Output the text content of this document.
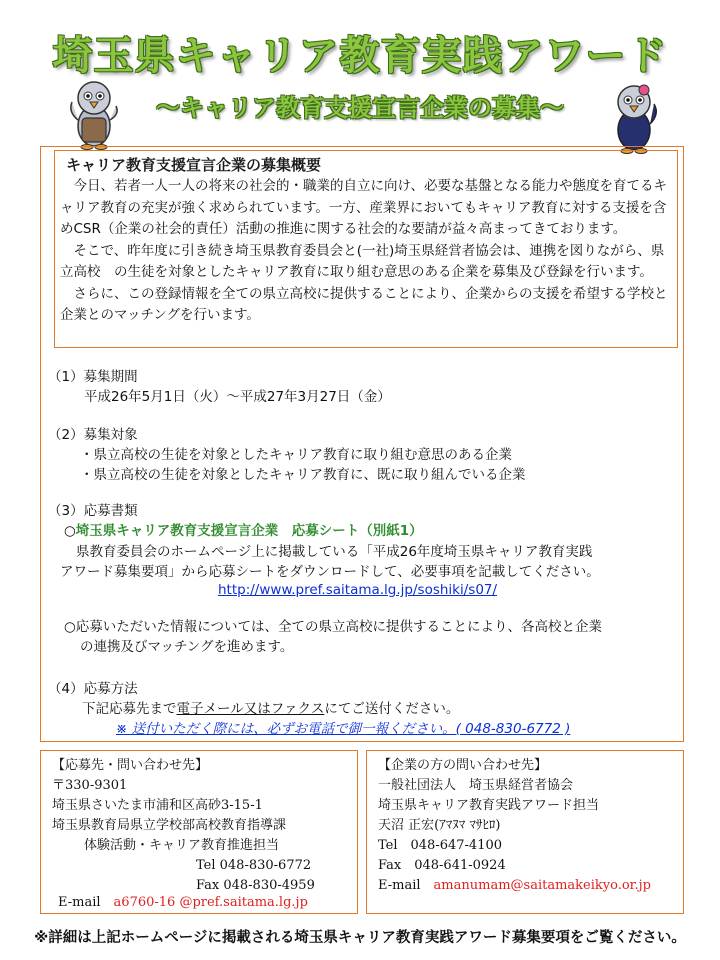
埼玉県キャリア教育実践アワード
～キャリア教育支援宣言企業の募集～
キャリア教育支援宣言企業の募集概要

　今日、若者一人一人の将来の社会的・職業的自立に向け、必要な基盤となる能力や態度を育てるキャリア教育の充実が強く求められています。一方、産業界においてもキャリア教育に対する支援を含めCSR（企業の社会的責任）活動の推進に関する社会的な要請が益々高まってきております。

　そこで、昨年度に引き続き埼玉県教育委員会と(一社)埼玉県経営者協会は、連携を図りながら、県立高校　の生徒を対象としたキャリア教育に取り組む意思のある企業を募集及び登録を行います。

　さらに、この登録情報を全ての県立高校に提供することにより、企業からの支援を希望する学校と企業とのマッチングを行います。

（1）募集期間
平成26年5月1日（火）～平成27年3月27日（金）
（2）募集対象
・県立高校の生徒を対象としたキャリア教育に取り組む意思のある企業
・県立高校の生徒を対象としたキャリア教育に、既に取り組んでいる企業
（3）応募書類
○埼玉県キャリア教育支援宣言企業　応募シート（別紙1）
県教育委員会のホームページ上に掲載している「平成26年度埼玉県キャリア教育実践
アワード募集要項」から応募シートをダウンロードして、必要事項を記載してください。
http://www.pref.saitama.lg.jp/soshiki/s07/
○応募いただいた情報については、全ての県立高校に提供することにより、各高校と企業
の連携及びマッチングを進めます。
（4）応募方法
下記応募先まで電子メール又はファクスにてご送付ください。
※ 送付いただく際には、必ずお電話で御一報ください。( 048-830-6772 )
【応募先・問い合わせ先】
〒330-9301
埼玉県さいたま市浦和区高砂3-15-1
埼玉県教育局県立学校部高校教育指導課
体験活動・キャリア教育推進担当
Tel 048-830-6772
Fax 048-830-4959
E-mail　 a6760-16 @pref.saitama.lg.jp
【企業の方の問い合わせ先】
一般社団法人　埼玉県経営者協会
埼玉県キャリア教育実践アワード担当
天沼 正宏(ｱﾏﾇﾏ ﾏｻﾋﾛ)
Tel　048-647-4100
Fax　048-641-0924
E-mail　 amanumam@saitamakeikyo.or.jp
※詳細は上記ホームページに掲載される埼玉県キャリア教育実践アワード募集要項をご覧ください。
